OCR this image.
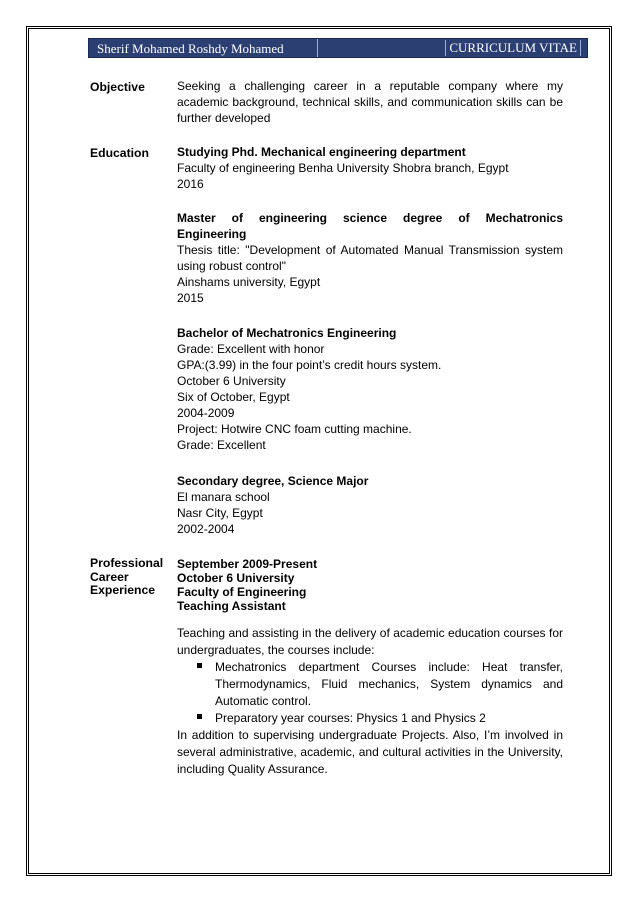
Sherif Mohamed Roshdy Mohamed	CURRICULUM VITAE
Objective	Seeking a challenging career in a reputable company where my academic background, technical skills, and communication skills can be further developed

Education Studying Phd. Mechanical engineering department

Faculty of engineering Benha University Shobra branch, Egypt

2016

Master of engineering science degree of Mechatronics

Engineering

Thesis title: "Development of Automated Manual Transmission system

using robust control"

Ainshams university, Egypt

2015

Bachelor of Mechatronics Engineering

Grade: Excellent with honor

GPA:(3.99) in the four point’s credit hours system.

October 6 University

Six of October, Egypt

2004-2009

Project: Hotwire CNC foam cutting machine.

Grade: Excellent

Secondary degree, Science Major

El manara school

Nasr City, Egypt

2002-2004

Professional
Career
Experience

September 2009-Present

October 6 University

Faculty of Engineering

Teaching Assistant

Teaching and assisting in the delivery of academic education courses for undergraduates, the courses include:

Mechatronics department Courses include: Heat transfer, Thermodynamics, Fluid mechanics, System dynamics and Automatic control.
Preparatory year courses: Physics 1 and Physics 2

In addition to supervising undergraduate Projects. Also, I’m involved in several administrative, academic, and cultural activities in the University, including Quality Assurance.
